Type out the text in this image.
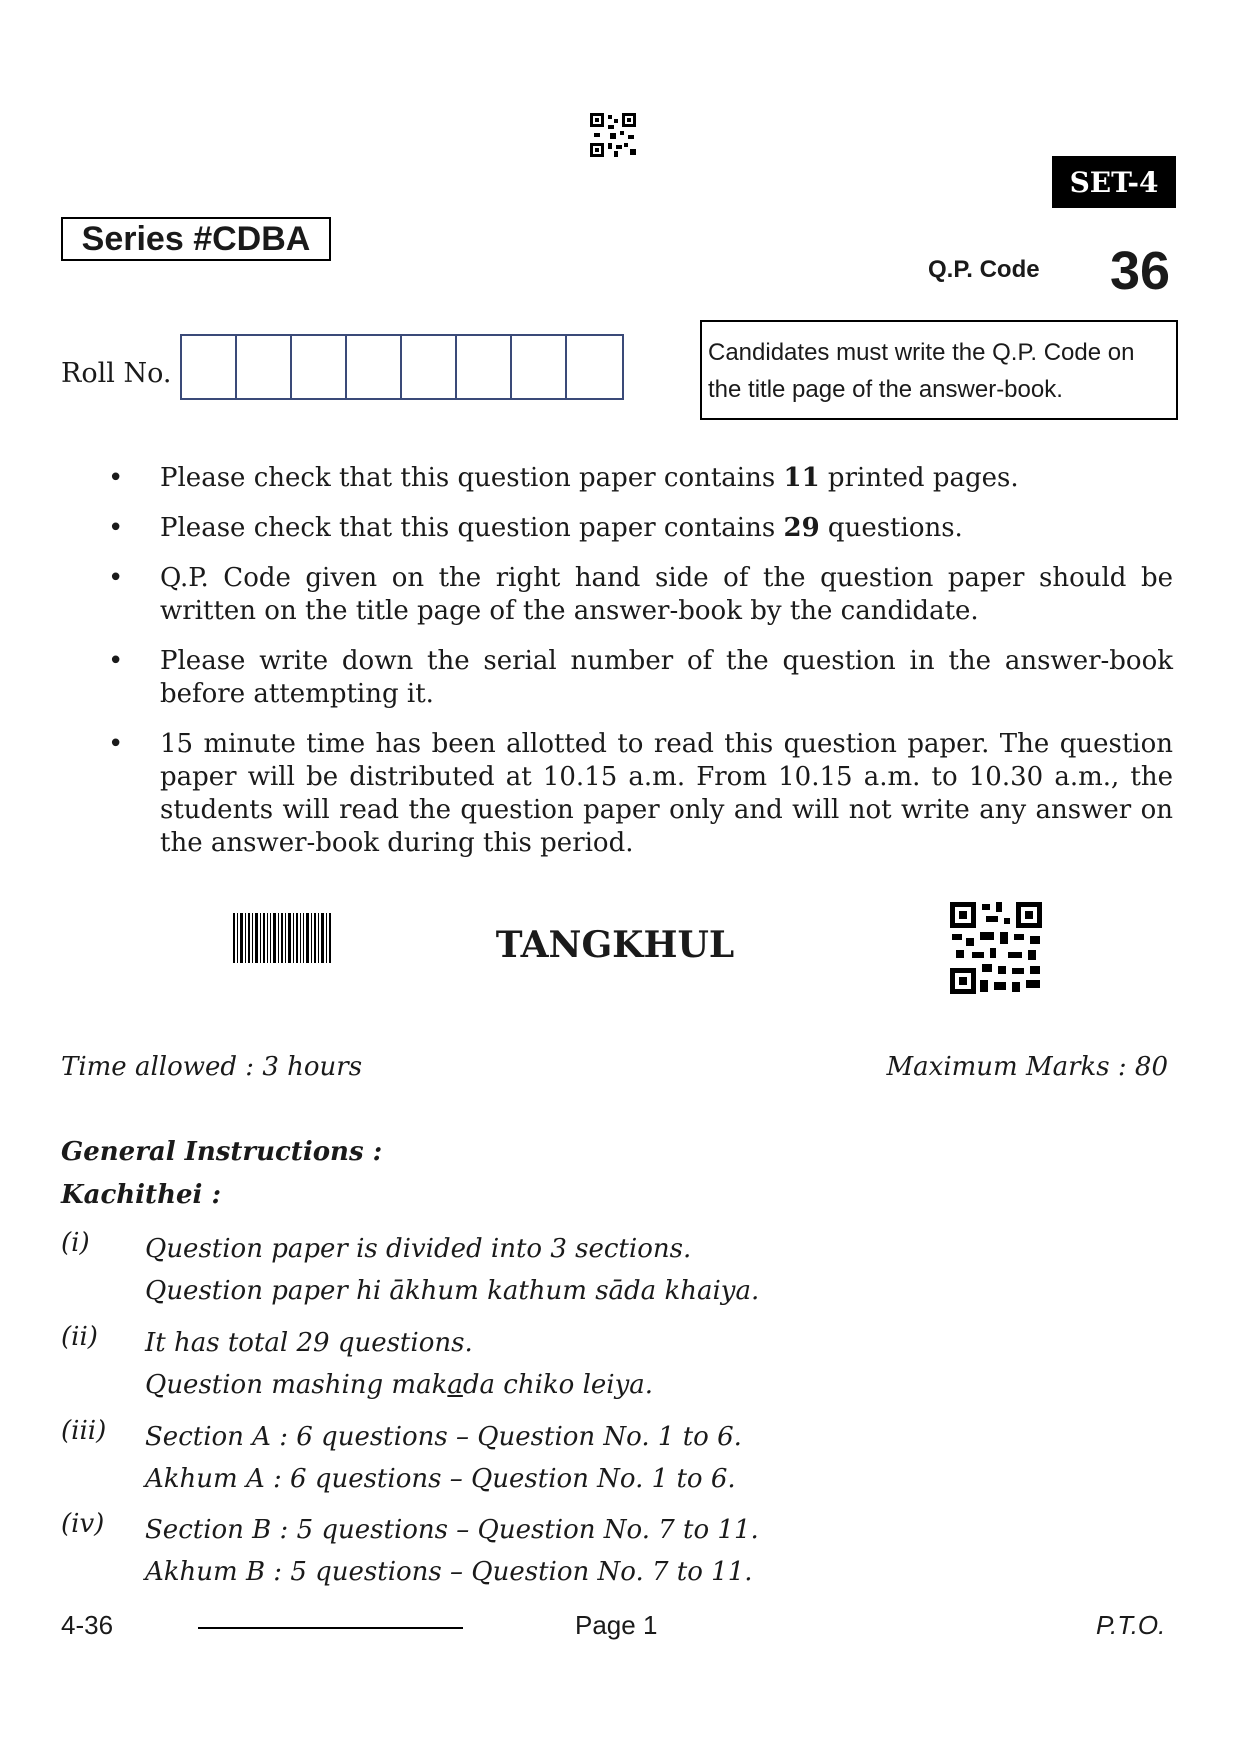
SET-4
Series #CDBA
Q.P. Code 36
Roll No.
Candidates must write the Q.P. Code on the title page of the answer-book.
• Please check that this question paper contains 11 printed pages.
• Please check that this question paper contains 29 questions.
• Q.P. Code given on the right hand side of the question paper should be written on the title page of the answer-book by the candidate.
• Please write down the serial number of the question in the answer-book before attempting it.
• 15 minute time has been allotted to read this question paper. The question paper will be distributed at 10.15 a.m. From 10.15 a.m. to 10.30 a.m., the students will read the question paper only and will not write any answer on the answer-book during this period.
TANGKHUL
Time allowed : 3 hours	Maximum Marks : 80
General Instructions :
Kachithei :
(i) Question paper is divided into 3 sections.
Question paper hi ākhum kathum sāda khaiya.
(ii) It has total 29 questions.
Question mashing makada chiko leiya.
(iii) Section A : 6 questions – Question No. 1 to 6.
Akhum A : 6 questions – Question No. 1 to 6.
(iv) Section B : 5 questions – Question No. 7 to 11.
Akhum B : 5 questions – Question No. 7 to 11.
4-36	Page 1	P.T.O.
